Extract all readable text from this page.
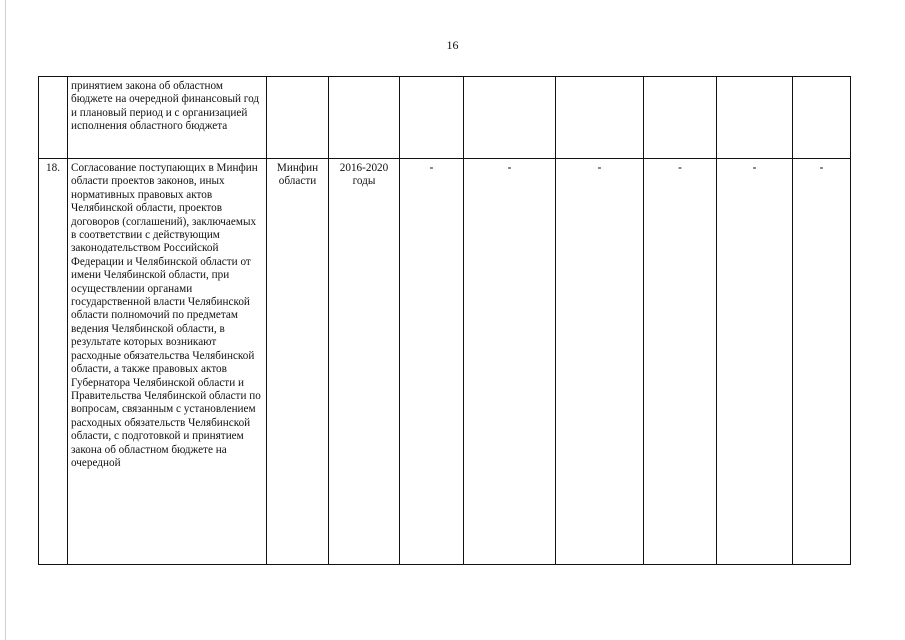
16
	принятием закона об областном бюджете на очередной финансовый год и плановый период и с организацией исполнения областного бюджета								
18.	Согласование поступающих в Минфин области проектов законов, иных нормативных правовых актов Челябинской области, проектов договоров (соглашений), заключаемых в соответствии с действующим законодательством Российской Федерации и Челябинской области от имени Челябинской области, при осуществлении органами государственной власти Челябинской области полномочий по предметам ведения Челябинской области, в результате которых возникают расходные обязательства Челябинской области, а также правовых актов Губернатора Челябинской области и Правительства Челябинской области по вопросам, связанным с установлением расходных обязательств Челябинской области, с подготовкой и принятием закона об областном бюджете на очередной	Минфин области	2016-2020 годы	-	-	-	-	-	-
